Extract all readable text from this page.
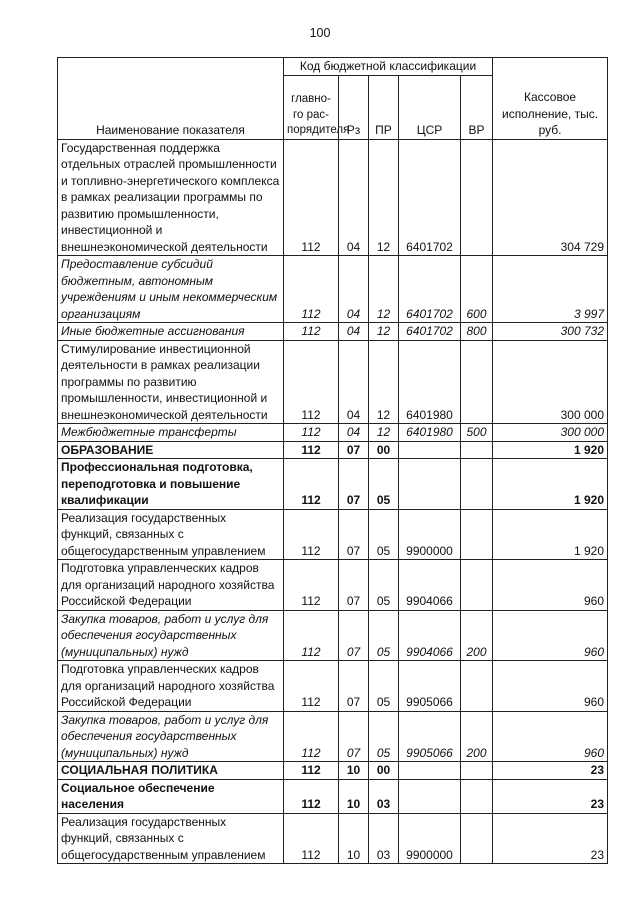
100
Наименование показателя	Код бюджетной классификации					Кассовое исполнение, тыс. руб.
	главно-го рас-порядителя	Рз	ПР	ЦСР	ВР	
Государственная поддержка отдельных отраслей промышленности и топливно-энергетического комплекса в рамках реализации программы по развитию промышленности, инвестиционной и внешнеэкономической деятельности	112	04	12	6401702		304 729
Предоставление субсидий бюджетным, автономным учреждениям и иным некоммерческим организациям	112	04	12	6401702	600	3 997
Иные бюджетные ассигнования	112	04	12	6401702	800	300 732
Стимулирование инвестиционной деятельности в рамках реализации программы по развитию промышленности, инвестиционной и внешнеэкономической деятельности	112	04	12	6401980		300 000
Межбюджетные трансферты	112	04	12	6401980	500	300 000
ОБРАЗОВАНИЕ	112	07	00			1 920
Профессиональная подготовка, переподготовка и повышение квалификации	112	07	05			1 920
Реализация государственных функций, связанных с общегосударственным управлением	112	07	05	9900000		1 920
Подготовка управленческих кадров для организаций народного хозяйства Российской Федерации	112	07	05	9904066		960
Закупка товаров, работ и услуг для обеспечения государственных (муниципальных) нужд	112	07	05	9904066	200	960
Подготовка управленческих кадров для организаций народного хозяйства Российской Федерации	112	07	05	9905066		960
Закупка товаров, работ и услуг для обеспечения государственных (муниципальных) нужд	112	07	05	9905066	200	960
СОЦИАЛЬНАЯ ПОЛИТИКА	112	10	00			23
Социальное обеспечение населения	112	10	03			23
Реализация государственных функций, связанных с общегосударственным управлением	112	10	03	9900000		23
